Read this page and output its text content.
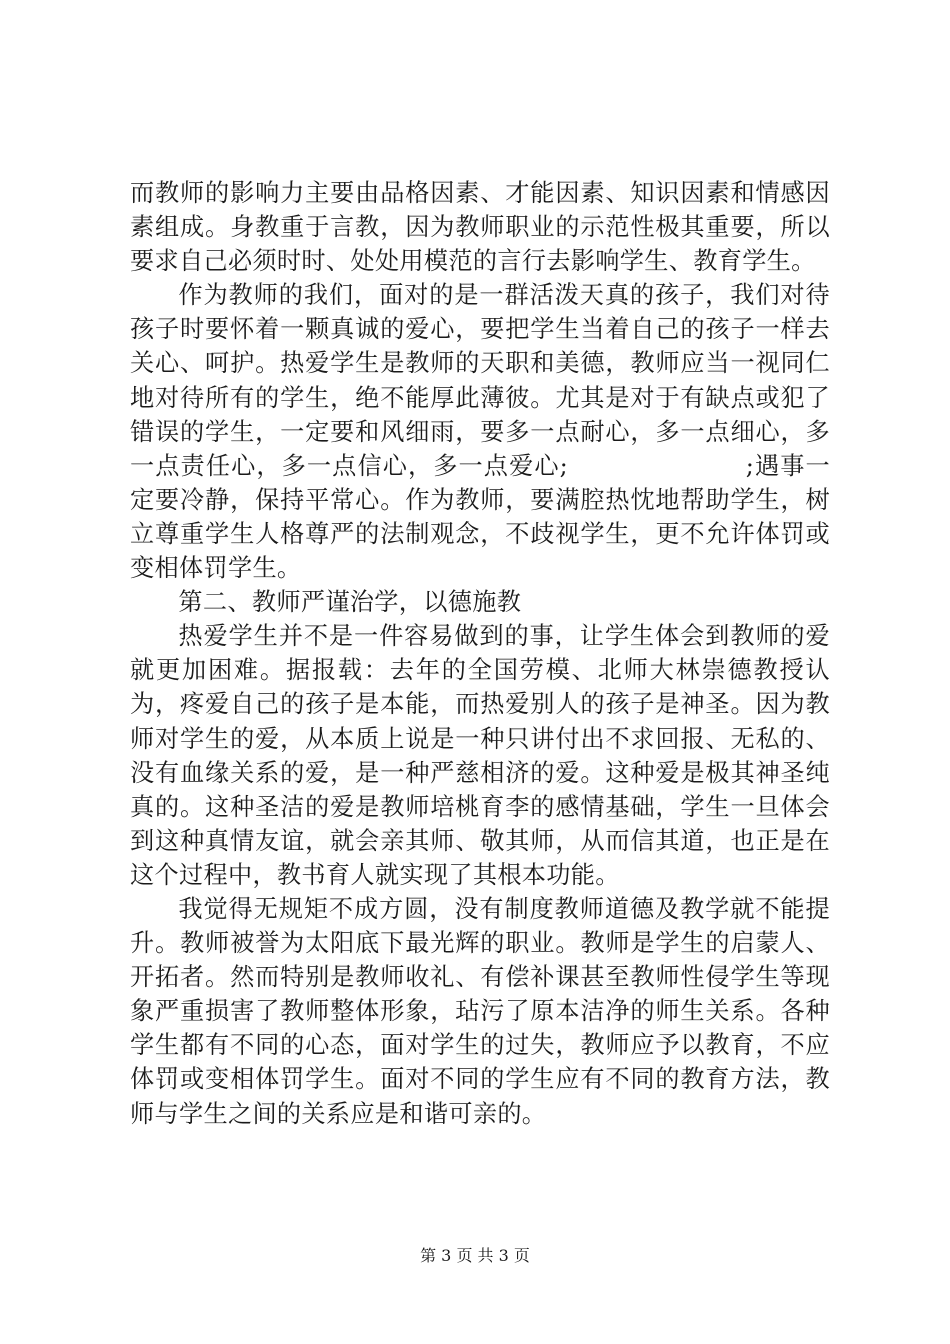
而教师的影响力主要由品格因素、才能因素、知识因素和情感因素组成。身教重于言教，因为教师职业的示范性极其重要，所以要求自己必须时时、处处用模范的言行去影响学生、教育学生。

作为教师的我们，面对的是一群活泼天真的孩子，我们对待孩子时要怀着一颗真诚的爱心，要把学生当着自己的孩子一样去关心、呵护。热爱学生是教师的天职和美德，教师应当一视同仁地对待所有的学生，绝不能厚此薄彼。尤其是对于有缺点或犯了错误的学生，一定要和风细雨，要多一点耐心，多一点细心，多一点责任心，多一点信心，多一点爱心;　　　　　　　;遇事一定要冷静，保持平常心。作为教师，要满腔热忱地帮助学生，树立尊重学生人格尊严的法制观念，不歧视学生，更不允许体罚或变相体罚学生。

第二、教师严谨治学，以德施教

热爱学生并不是一件容易做到的事，让学生体会到教师的爱就更加困难。据报载：去年的全国劳模、北师大林崇德教授认为，疼爱自己的孩子是本能，而热爱别人的孩子是神圣。因为教师对学生的爱，从本质上说是一种只讲付出不求回报、无私的、没有血缘关系的爱，是一种严慈相济的爱。这种爱是极其神圣纯真的。这种圣洁的爱是教师培桃育李的感情基础，学生一旦体会到这种真情友谊，就会亲其师、敬其师，从而信其道，也正是在这个过程中，教书育人就实现了其根本功能。

我觉得无规矩不成方圆，没有制度教师道德及教学就不能提升。教师被誉为太阳底下最光辉的职业。教师是学生的启蒙人、开拓者。然而特别是教师收礼、有偿补课甚至教师性侵学生等现象严重损害了教师整体形象，玷污了原本洁净的师生关系。各种学生都有不同的心态，面对学生的过失，教师应予以教育，不应体罚或变相体罚学生。面对不同的学生应有不同的教育方法，教师与学生之间的关系应是和谐可亲的。

第 3 页 共 3 页
